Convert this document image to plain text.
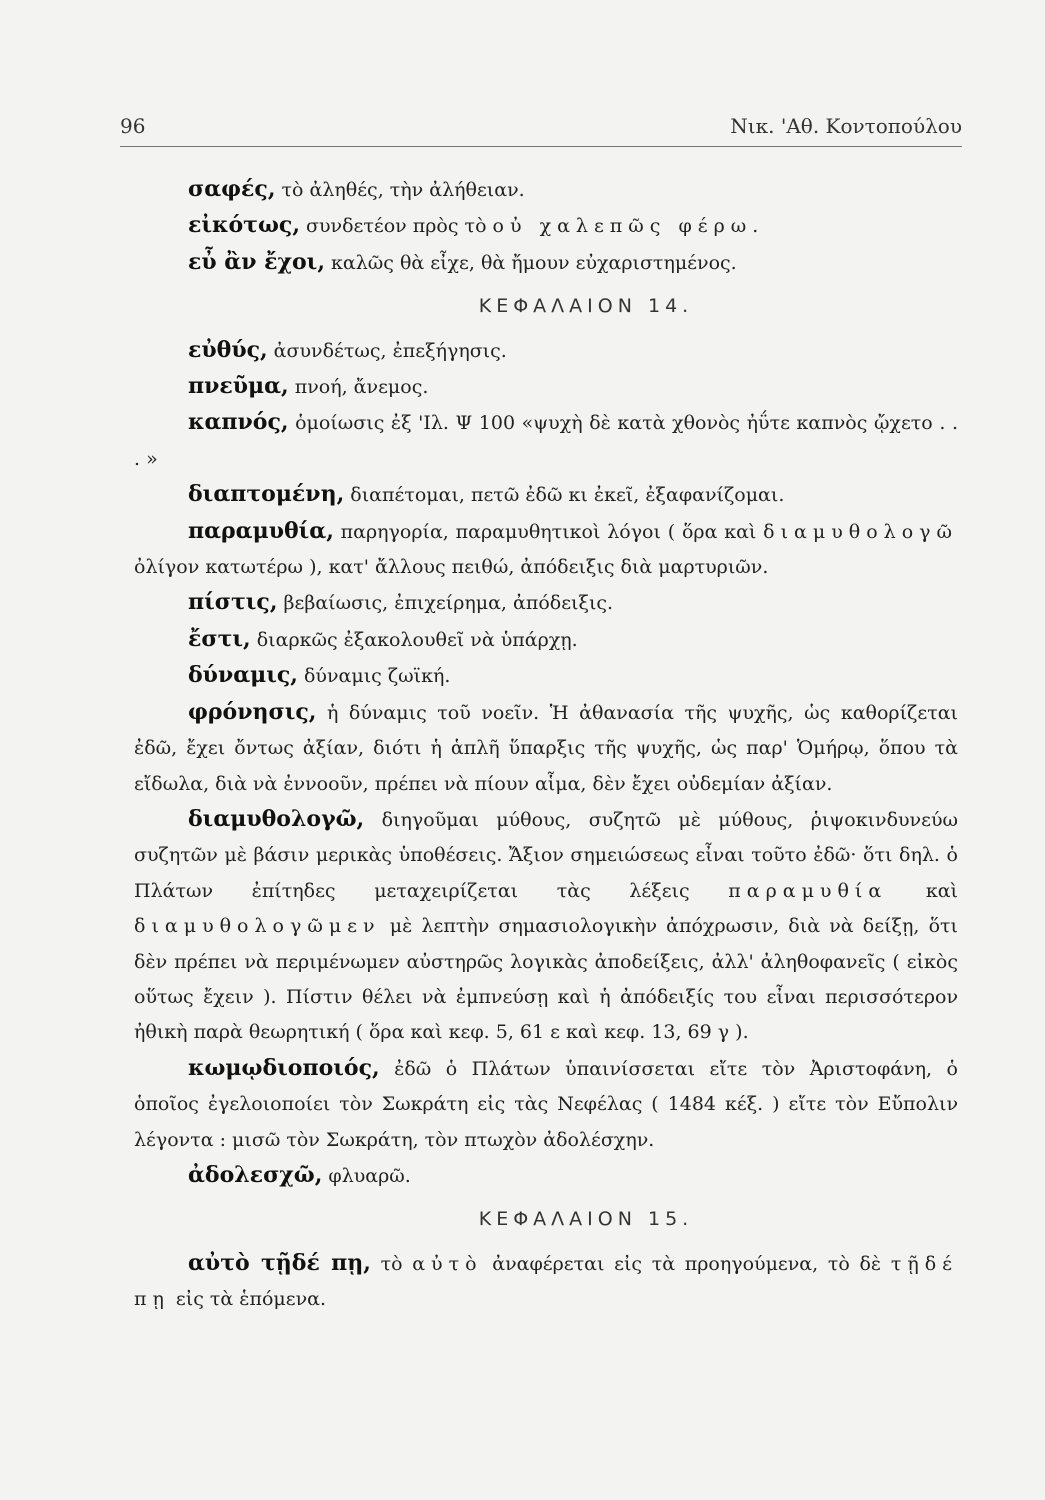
96	Νικ. 'Αθ. Κοντοπούλου

σαφές, τὸ ἀληθές, τὴν ἀλήθειαν.

εἰκότως, συνδετέον πρὸς τὸ οὐ χαλεπῶς φέρω.

εὖ ἂν ἔχοι, καλῶς θὰ εἶχε, θὰ ἤμουν εὐχαριστημένος.

ΚΕΦΑΛΑΙΟΝ 14.

εὐθύς, ἀσυνδέτως, ἐπεξήγησις.

πνεῦμα, πνοή, ἄνεμος.

καπνός, ὁμοίωσις ἐξ 'Ιλ. Ψ 100 «ψυχὴ δὲ κατὰ χθονὸς ἠΰτε καπνὸς ᾤχετο . . . »

διαπτομένη, διαπέτομαι, πετῶ ἐδῶ κι ἐκεῖ, ἐξαφανίζομαι.

παραμυθία, παρηγορία, παραμυθητικοὶ λόγοι ( ὅρα καὶ διαμυθολογῶ ὀλίγον κατωτέρω ), κατ' ἄλλους πειθώ, ἀπόδειξις διὰ μαρτυριῶν.

πίστις, βεβαίωσις, ἐπιχείρημα, ἀπόδειξις.

ἔστι, διαρκῶς ἐξακολουθεῖ νὰ ὑπάρχῃ.

δύναμις, δύναμις ζωϊκή.

φρόνησις, ἡ δύναμις τοῦ νοεῖν. Ἡ ἀθανασία τῆς ψυχῆς, ὡς καθορίζεται ἐδῶ, ἔχει ὄντως ἀξίαν, διότι ἡ ἁπλῆ ὕπαρξις τῆς ψυχῆς, ὡς παρ' Ὁμήρῳ, ὅπου τὰ εἴδωλα, διὰ νὰ ἐννοοῦν, πρέπει νὰ πίουν αἷμα, δὲν ἔχει οὐδεμίαν ἀξίαν.

διαμυθολογῶ, διηγοῦμαι μύθους, συζητῶ μὲ μύθους, ῥιψοκινδυνεύω συζητῶν μὲ βάσιν μερικὰς ὑποθέσεις. Ἄξιον σημειώσεως εἶναι τοῦτο ἐδῶ· ὅτι δηλ. ὁ Πλάτων ἐπίτηδες μεταχειρίζεται τὰς λέξεις παραμυθία καὶ διαμυθολογῶμεν μὲ λεπτὴν σημασιολογικὴν ἀπόχρωσιν, διὰ νὰ δείξῃ, ὅτι δὲν πρέπει νὰ περιμένωμεν αὐστηρῶς λογικὰς ἀποδείξεις, ἀλλ' ἀληθοφανεῖς ( εἰκὸς οὕτως ἔχειν ). Πίστιν θέλει νὰ ἐμπνεύσῃ καὶ ἡ ἀπόδειξίς του εἶναι περισσότερον ἠθικὴ παρὰ θεωρητική ( ὅρα καὶ κεφ. 5, 61 ε καὶ κεφ. 13, 69 γ ).

κωμῳδιοποιός, ἐδῶ ὁ Πλάτων ὑπαινίσσεται εἴτε τὸν Ἀριστοφάνη, ὁ ὁποῖος ἐγελοιοποίει τὸν Σωκράτη εἰς τὰς Νεφέλας ( 1484 κέξ. ) εἴτε τὸν Εὔπολιν λέγοντα : μισῶ τὸν Σωκράτη, τὸν πτωχὸν ἀδολέσχην.

ἀδολεσχῶ, φλυαρῶ.

ΚΕΦΑΛΑΙΟΝ 15.

αὐτὸ τῇδέ πῃ, τὸ αὐτὸ ἀναφέρεται εἰς τὰ προηγούμενα, τὸ δὲ τῇδέ πῃ εἰς τὰ ἑπόμενα.
